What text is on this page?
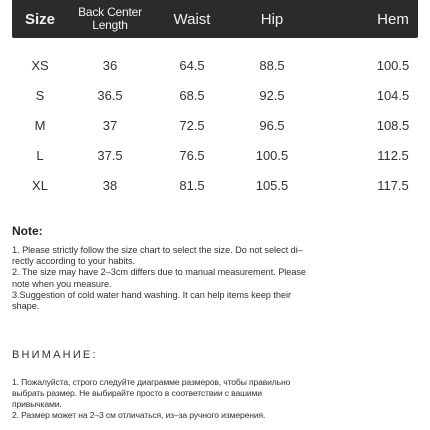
Size	Back Center
Length	Waist	Hip	Hem
XS	36	64.5	88.5	100.5
S	36.5	68.5	92.5	104.5
M	37	72.5	96.5	108.5
L	37.5	76.5	100.5	112.5
XL	38	81.5	105.5	117.5
Note:

1. Please strictly follow the size chart to select the size. Do not select di–

rectly according to your habits.

2. The size may have 2–3cm differs due to manual measurement. Please

note when you measure.

3.Suggestion of cold water hand washing. It can help items keep their

shape.

ВНИМАНИЕ:

1. Пожалуйста, строго следуйте диаграмме размеров, чтобы правильно

выбрать размер. Не выбирайте просто в соответствии с вашими

привычками.

2. Размер может на 2–3 см отличаться, из–за ручного измерения.
